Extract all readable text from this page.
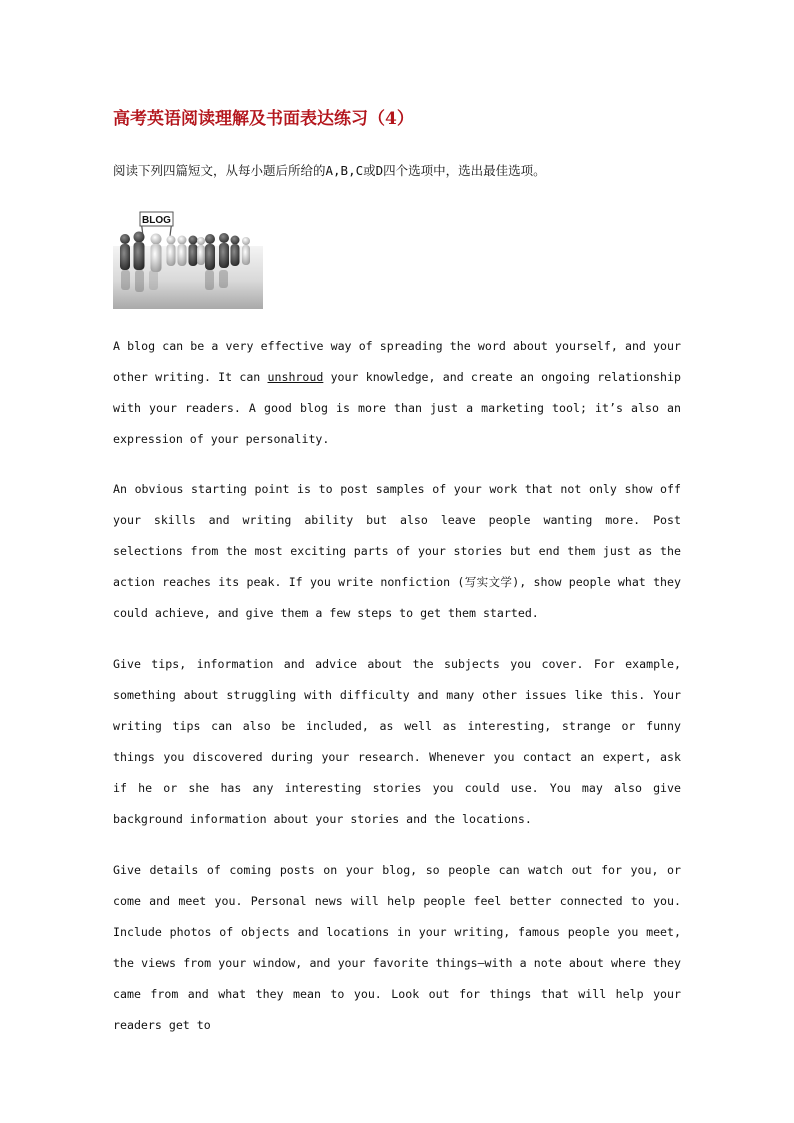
高考英语阅读理解及书面表达练习（4）

阅读下列四篇短文，从每小题后所给的A,B,C或D四个选项中，选出最佳选项。

BLOG

A blog can be a very effective way of spreading the word about yourself, and your other writing. It can unshroud your knowledge, and create an ongoing relationship with your readers. A good blog is more than just a marketing tool; it’s also an expression of your personality.

An obvious starting point is to post samples of your work that not only show off your skills and writing ability but also leave people wanting more. Post selections from the most exciting parts of your stories but end them just as the action reaches its peak. If you write nonfiction (写实文学), show people what they could achieve, and give them a few steps to get them started.

Give tips, information and advice about the subjects you cover. For example, something about struggling with difficulty and many other issues like this. Your writing tips can also be included, as well as interesting, strange or funny things you discovered during your research. Whenever you contact an expert, ask if he or she has any interesting stories you could use. You may also give background information about your stories and the locations.

Give details of coming posts on your blog, so people can watch out for you, or come and meet you. Personal news will help people feel better connected to you. Include photos of objects and locations in your writing, famous people you meet, the views from your window, and your favorite things—with a note about where they came from and what they mean to you. Look out for things that will help your readers get to
